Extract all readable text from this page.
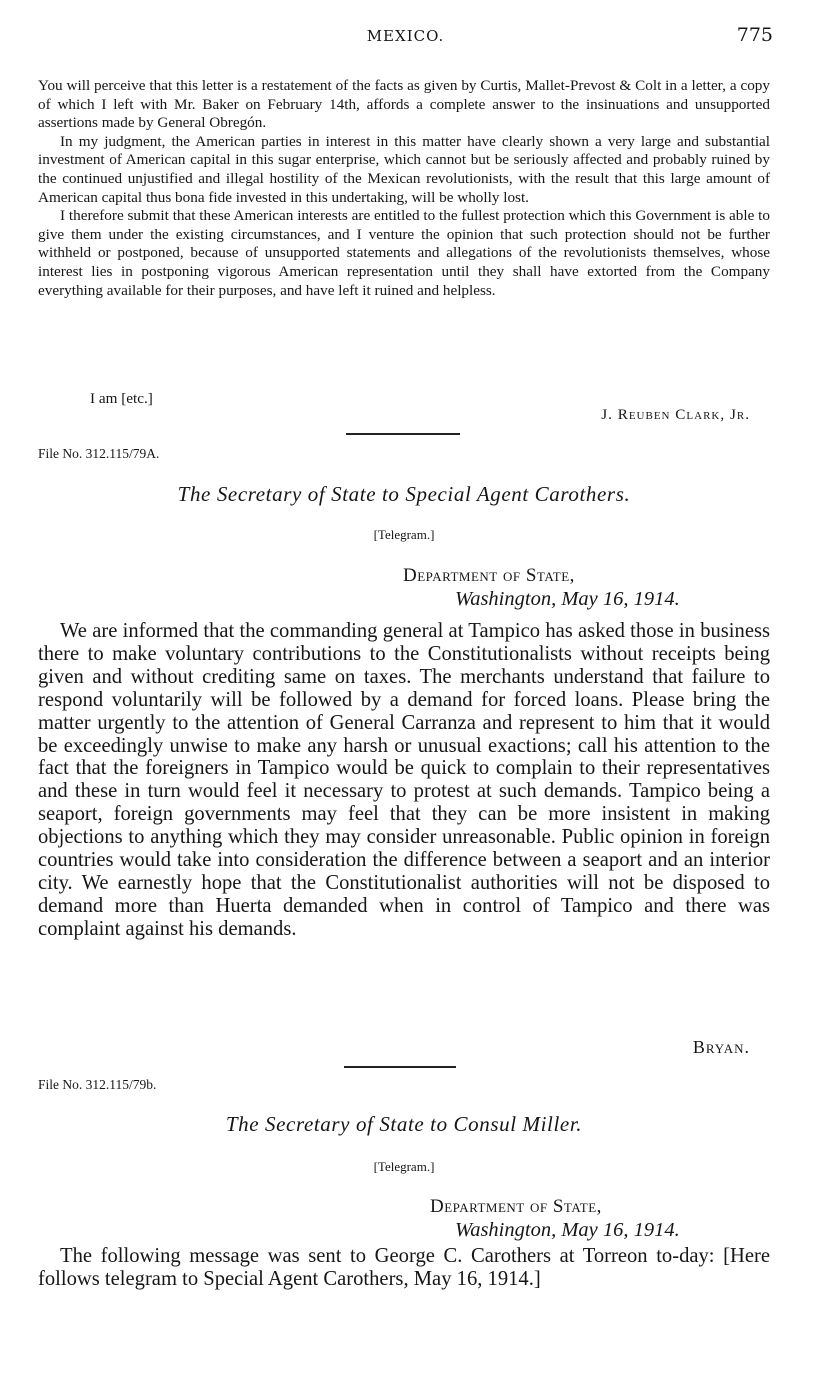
MEXICO.	775

You will perceive that this letter is a restatement of the facts as given by Curtis, Mallet-Prevost & Colt in a letter, a copy of which I left with Mr. Baker on February 14th, affords a complete answer to the insinuations and unsupported assertions made by General Obregón.

In my judgment, the American parties in interest in this matter have clearly shown a very large and substantial investment of American capital in this sugar enterprise, which cannot but be seriously affected and probably ruined by the continued unjustified and illegal hostility of the Mexican revolutionists, with the result that this large amount of American capital thus bona fide invested in this undertaking, will be wholly lost.

I therefore submit that these American interests are entitled to the fullest protection which this Government is able to give them under the existing circumstances, and I venture the opinion that such protection should not be further withheld or postponed, because of unsupported statements and allegations of the revolutionists themselves, whose interest lies in postponing vigorous American representation until they shall have extorted from the Company everything available for their purposes, and have left it ruined and helpless.

I am [etc.]
J. Reuben Clark, Jr.
File No. 312.115/79A.
The Secretary of State to Special Agent Carothers.
[Telegram.]
Department of State,
Washington, May 16, 1914.

We are informed that the commanding general at Tampico has asked those in business there to make voluntary contributions to the Constitutionalists without receipts being given and without crediting same on taxes. The merchants understand that failure to respond voluntarily will be followed by a demand for forced loans. Please bring the matter urgently to the attention of General Carranza and represent to him that it would be exceedingly unwise to make any harsh or unusual exactions; call his attention to the fact that the foreigners in Tampico would be quick to complain to their representatives and these in turn would feel it necessary to protest at such demands. Tampico being a seaport, foreign governments may feel that they can be more insistent in making objections to anything which they may consider unreasonable. Public opinion in foreign countries would take into consideration the difference between a seaport and an interior city. We earnestly hope that the Constitutionalist authorities will not be disposed to demand more than Huerta demanded when in control of Tampico and there was complaint against his demands.

Bryan.
File No. 312.115/79b.
The Secretary of State to Consul Miller.
[Telegram.]
Department of State,
Washington, May 16, 1914.

The following message was sent to George C. Carothers at Torreon to-day: [Here follows telegram to Special Agent Carothers, May 16, 1914.]
